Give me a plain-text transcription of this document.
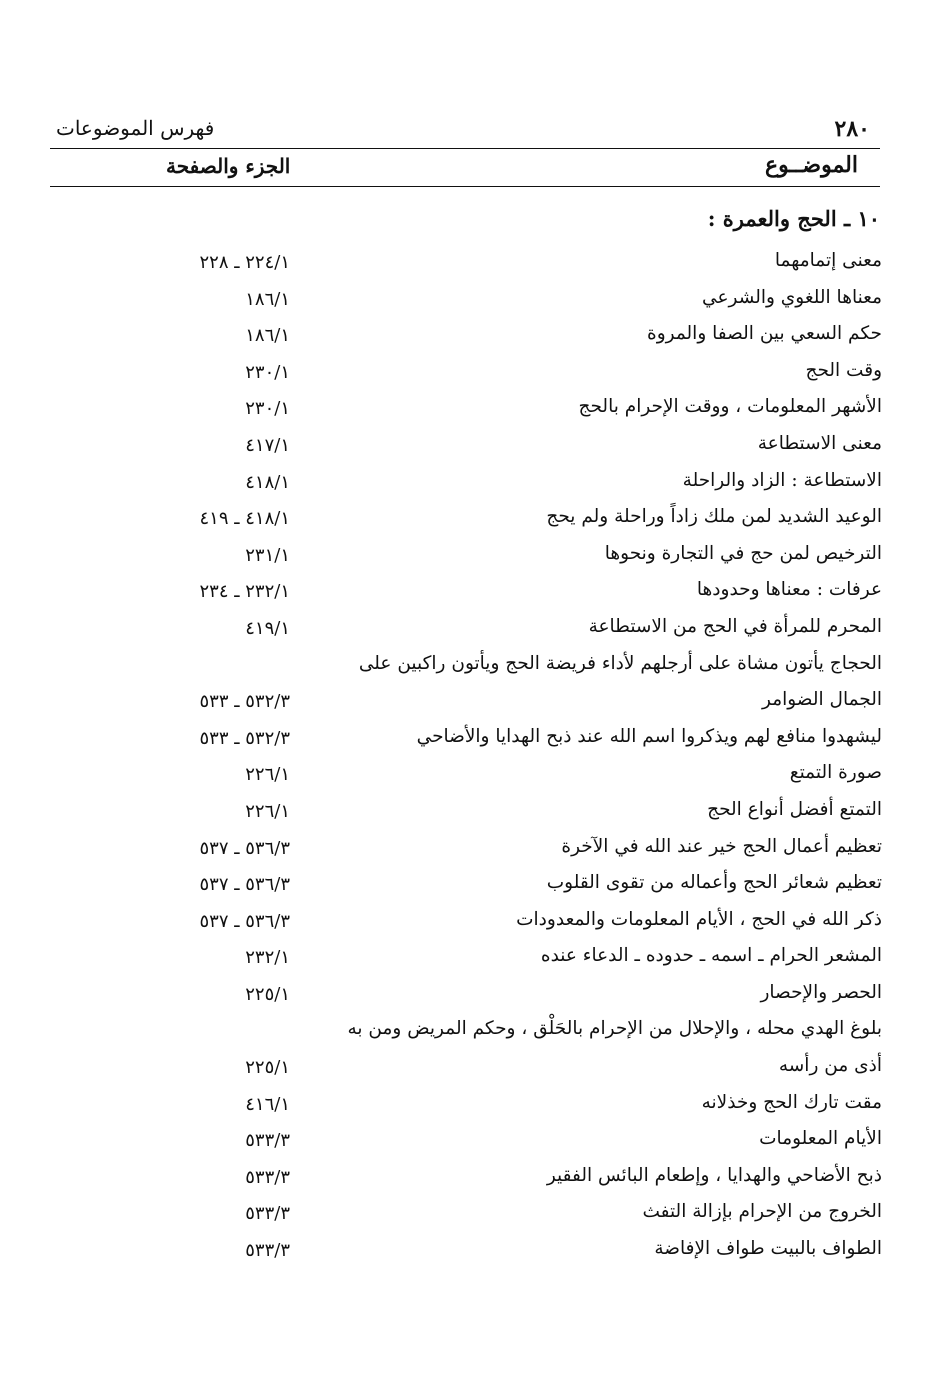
٢٨٠
فهرس الموضوعات
الموضــوع
الجزء والصفحة
١٠ ـ الحج والعمرة :
معنى إتمامهما
٢٢٤/١ ـ ٢٢٨
معناها اللغوي والشرعي
١٨٦/١
حكم السعي بين الصفا والمروة
١٨٦/١
وقت الحج
٢٣٠/١
الأشهر المعلومات ، ووقت الإحرام بالحج
٢٣٠/١
معنى الاستطاعة
٤١٧/١
الاستطاعة : الزاد والراحلة
٤١٨/١
الوعيد الشديد لمن ملك زاداً وراحلة ولم يحج
٤١٨/١ ـ ٤١٩
الترخيص لمن حج في التجارة ونحوها
٢٣١/١
عرفات : معناها وحدودها
٢٣٢/١ ـ ٢٣٤
المحرم للمرأة في الحج من الاستطاعة
٤١٩/١
الحجاج يأتون مشاة على أرجلهم لأداء فريضة الحج ويأتون راكبين على
الجمال الضوامر
٥٣٢/٣ ـ ٥٣٣
ليشهدوا منافع لهم ويذكروا اسم الله عند ذبح الهدايا والأضاحي
٥٣٢/٣ ـ ٥٣٣
صورة التمتع
٢٢٦/١
التمتع أفضل أنواع الحج
٢٢٦/١
تعظيم أعمال الحج خير عند الله في الآخرة
٥٣٦/٣ ـ ٥٣٧
تعظيم شعائر الحج وأعماله من تقوى القلوب
٥٣٦/٣ ـ ٥٣٧
ذكر الله في الحج ، الأيام المعلومات والمعدودات
٥٣٦/٣ ـ ٥٣٧
المشعر الحرام ـ اسمه ـ حدوده ـ الدعاء عنده
٢٣٢/١
الحصر والإحصار
٢٢٥/١
بلوغ الهدي محله ، والإحلال من الإحرام بالحَلْق ، وحكم المريض ومن به
أذى من رأسه
٢٢٥/١
مقت تارك الحج وخذلانه
٤١٦/١
الأيام المعلومات
٥٣٣/٣
ذبح الأضاحي والهدايا ، وإطعام البائس الفقير
٥٣٣/٣
الخروج من الإحرام بإزالة التفث
٥٣٣/٣
الطواف بالبيت طواف الإفاضة
٥٣٣/٣
